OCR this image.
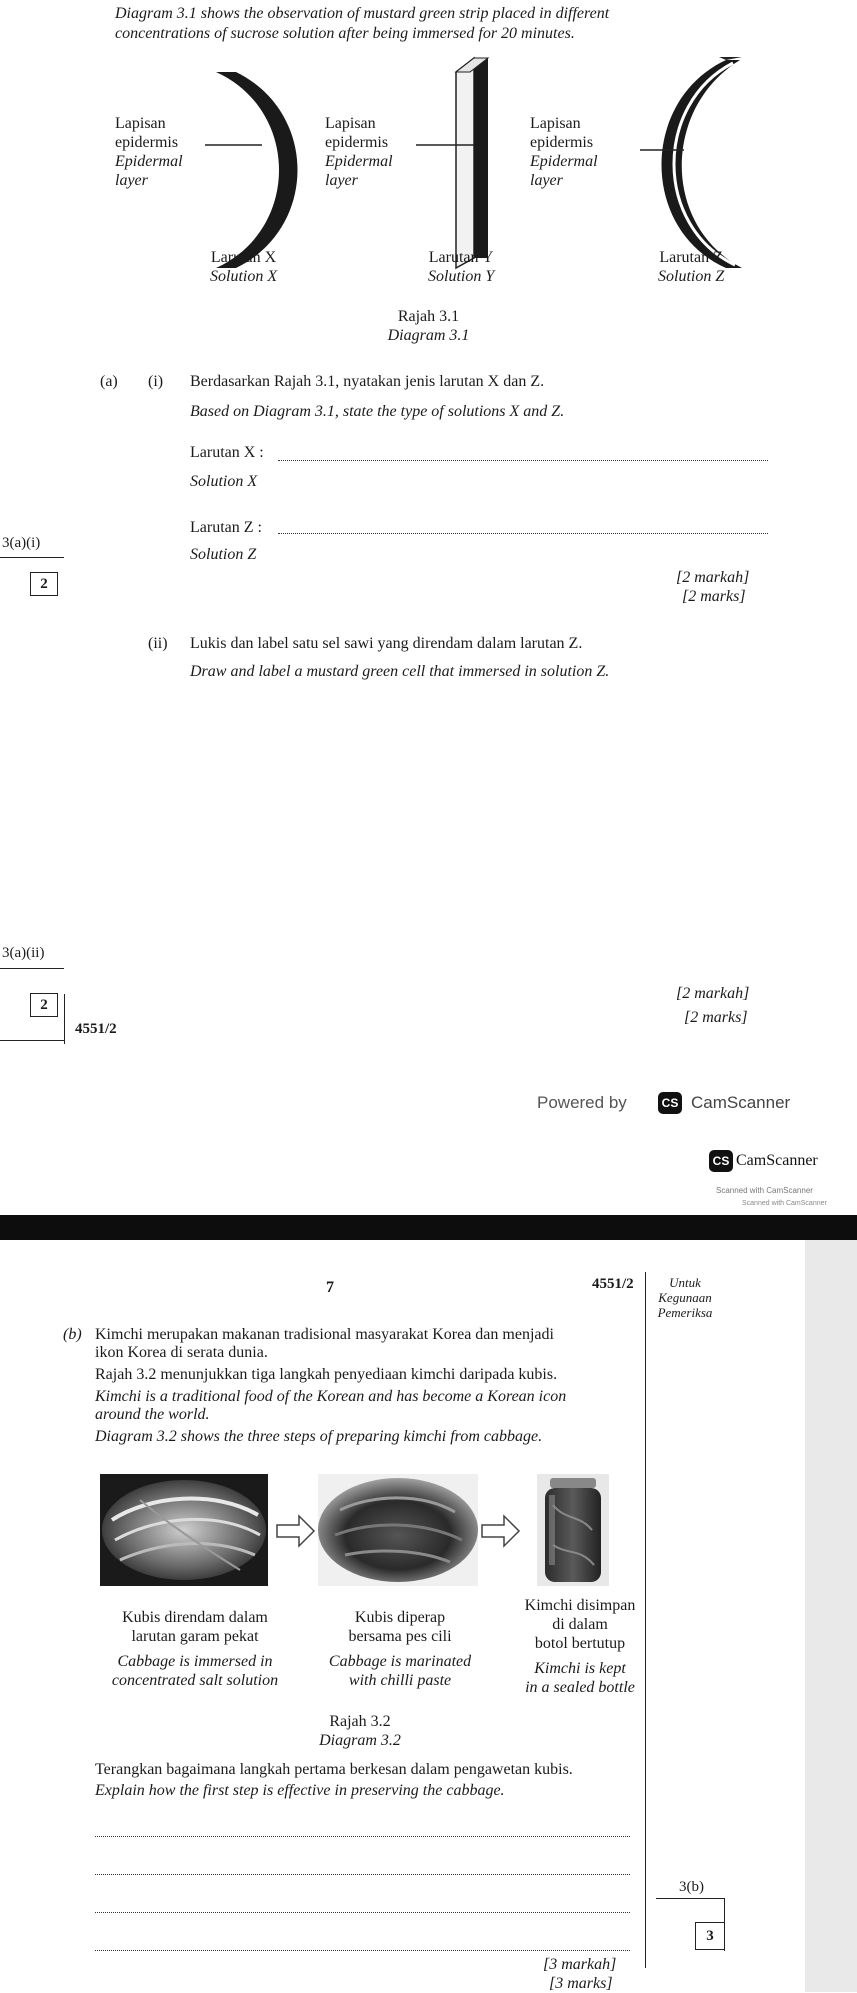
Diagram 3.1 shows the observation of mustard green strip placed in different
concentrations of sucrose solution after being immersed for 20 minutes.
Lapisan
epidermis
Epidermal
layer
Lapisan
epidermis
Epidermal
layer
Lapisan
epidermis
Epidermal
layer
Larutan X
Solution X
Larutan Y
Solution Y
Larutan Z
Solution Z
Rajah 3.1
Diagram 3.1
(a) (i) Berdasarkan Rajah 3.1, nyatakan jenis larutan X dan Z.
Based on Diagram 3.1, state the type of solutions X and Z.
Larutan X :
Solution X
Larutan Z :
Solution Z
[2 markah]
[2 marks]
3(a)(i)
2
(ii) Lukis dan label satu sel sawi yang direndam dalam larutan Z.
Draw and label a mustard green cell that immersed in solution Z.
[2 markah]
[2 marks]
3(a)(ii)
2
4551/2
Powered by	CS CamScanner
CS CamScanner
Scanned with CamScanner
Scanned with CamScanner
7	4551/2	Untuk
Kegunaan
Pemeriksa
(b) Kimchi merupakan makanan tradisional masyarakat Korea dan menjadi
ikon Korea di serata dunia.
Rajah 3.2 menunjukkan tiga langkah penyediaan kimchi daripada kubis.
Kimchi is a traditional food of the Korean and has become a Korean icon
around the world.
Diagram 3.2 shows the three steps of preparing kimchi from cabbage.
Kubis direndam dalam
larutan garam pekat
Cabbage is immersed in
concentrated salt solution
Kubis diperap
bersama pes cili
Cabbage is marinated
with chilli paste
Kimchi disimpan
di dalam
botol bertutup
Kimchi is kept
in a sealed bottle
Rajah 3.2
Diagram 3.2
Terangkan bagaimana langkah pertama berkesan dalam pengawetan kubis.
Explain how the first step is effective in preserving the cabbage.
[3 markah]
[3 marks]
3(b)
3
